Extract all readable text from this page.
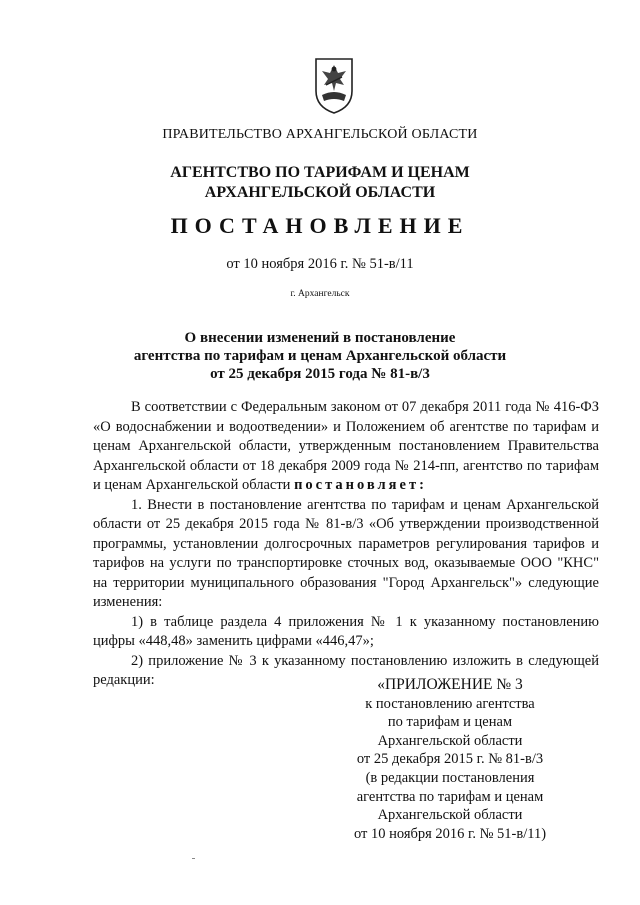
ПРАВИТЕЛЬСТВО АРХАНГЕЛЬСКОЙ ОБЛАСТИ
АГЕНТСТВО ПО ТАРИФАМ И ЦЕНАМ
АРХАНГЕЛЬСКОЙ ОБЛАСТИ
ПОСТАНОВЛЕНИЕ
от 10 ноября 2016 г. № 51-в/11
г. Архангельск
О внесении изменений в постановление
агентства по тарифам и ценам Архангельской области
от 25 декабря 2015 года № 81-в/3

В соответствии с Федеральным законом от 07 декабря 2011 года № 416-ФЗ «О водоснабжении и водоотведении» и Положением об агентстве по тарифам и ценам Архангельской области, утвержденным постановлением Правительства Архангельской области от 18 декабря 2009 года № 214-пп, агентство по тарифам и ценам Архангельской области постановляет:

1. Внести в постановление агентства по тарифам и ценам Архангельской области от 25 декабря 2015 года № 81-в/3 «Об утверждении производственной программы, установлении долгосрочных параметров регулирования тарифов и тарифов на услуги по транспортировке сточных вод, оказываемые ООО "КНС" на территории муниципального образования "Город Архангельск"» следующие изменения:

1) в таблице раздела 4 приложения № 1 к указанному постановлению цифры «448,48» заменить цифрами «446,47»;

2) приложение № 3 к указанному постановлению изложить в следующей редакции:	«ПРИЛОЖЕНИЕ № 3
к постановлению агентства
по тарифам и ценам
Архангельской области
от 25 декабря 2015 г. № 81-в/3
(в редакции постановления
агентства по тарифам и ценам
Архангельской области
от 10 ноября 2016 г. № 51-в/11)
